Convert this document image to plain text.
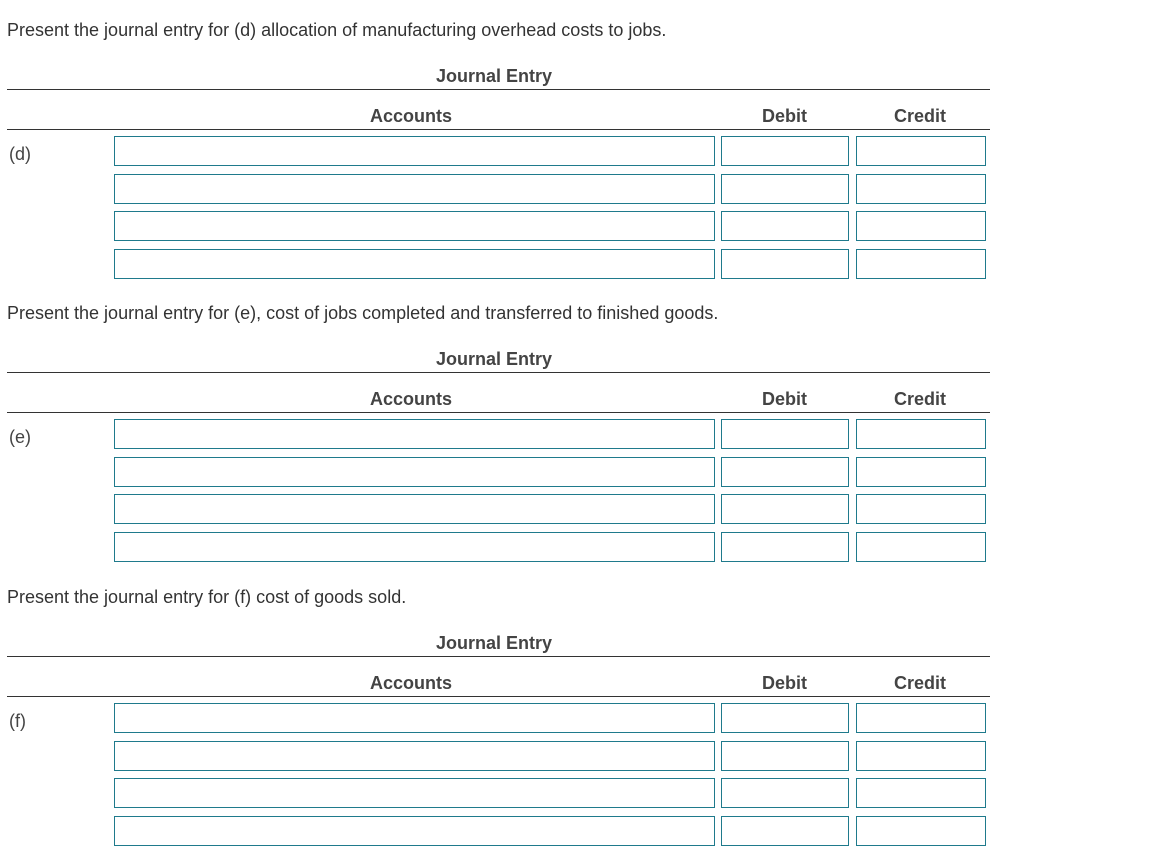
Present the journal entry for (d) allocation of manufacturing overhead costs to jobs.
Journal Entry
Accounts	Debit	Credit
(d)
Present the journal entry for (e), cost of jobs completed and transferred to finished goods.
Journal Entry
Accounts	Debit	Credit
(e)
Present the journal entry for (f) cost of goods sold.
Journal Entry
Accounts	Debit	Credit
(f)
